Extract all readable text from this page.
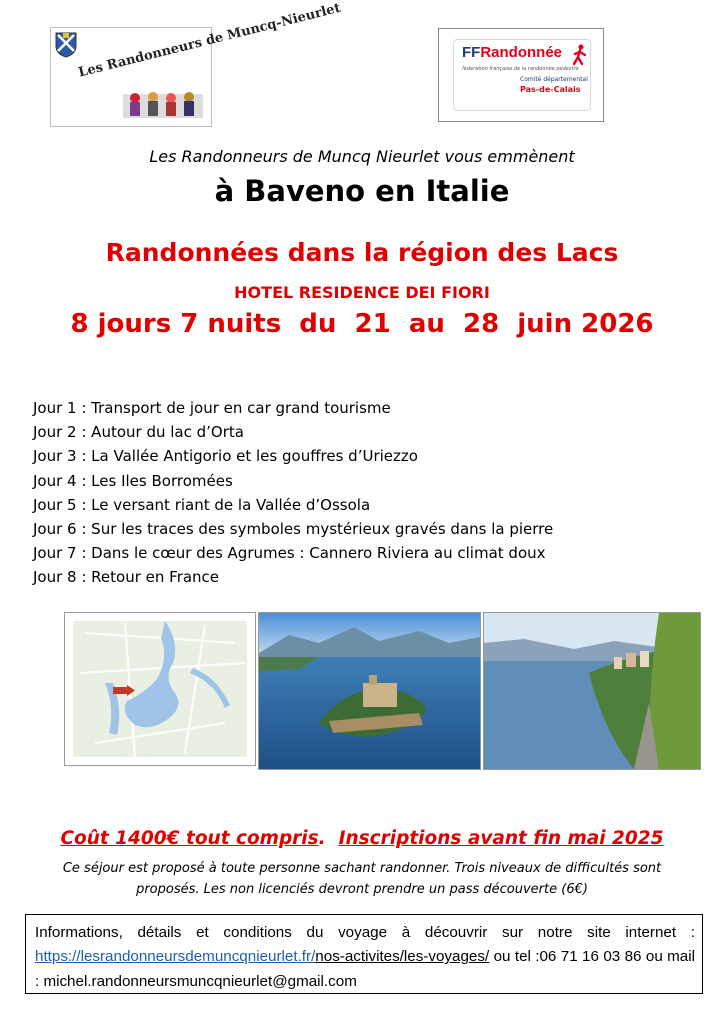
Les Randonneurs de Muncq-Nieurlet	FFRandonnée
fédération française de la randonnée pédestre
Comité départemental
Pas-de-Calais
Les Randonneurs de Muncq Nieurlet vous emmènent
à Baveno en Italie
Randonnées dans la région des Lacs
HOTEL RESIDENCE DEI FIORI
8 jours 7 nuits  du  21  au  28  juin 2026
Jour 1 : Transport de jour en car grand tourisme
Jour 2 : Autour du lac d’Orta
Jour 3 : La Vallée Antigorio et les gouffres d’Uriezzo
Jour 4 : Les Iles Borromées
Jour 5 : Le versant riant de la Vallée d’Ossola
Jour 6 : Sur les traces des symboles mystérieux gravés dans la pierre
Jour 7 : Dans le cœur des Agrumes : Cannero Riviera au climat doux
Jour 8 : Retour en France
Coût 1400€ tout compris.  Inscriptions avant fin mai 2025
Ce séjour est proposé à toute personne sachant randonner. Trois niveaux de difficultés sont proposés. Les non licenciés devront prendre un pass découverte (6€)
Informations, détails et conditions du voyage à découvrir sur notre site internet : https://lesrandonneursdemuncqnieurlet.fr/nos-activites/les-voyages/ ou tel :06 71 16 03 86 ou mail : michel.randonneursmuncqnieurlet@gmail.com
